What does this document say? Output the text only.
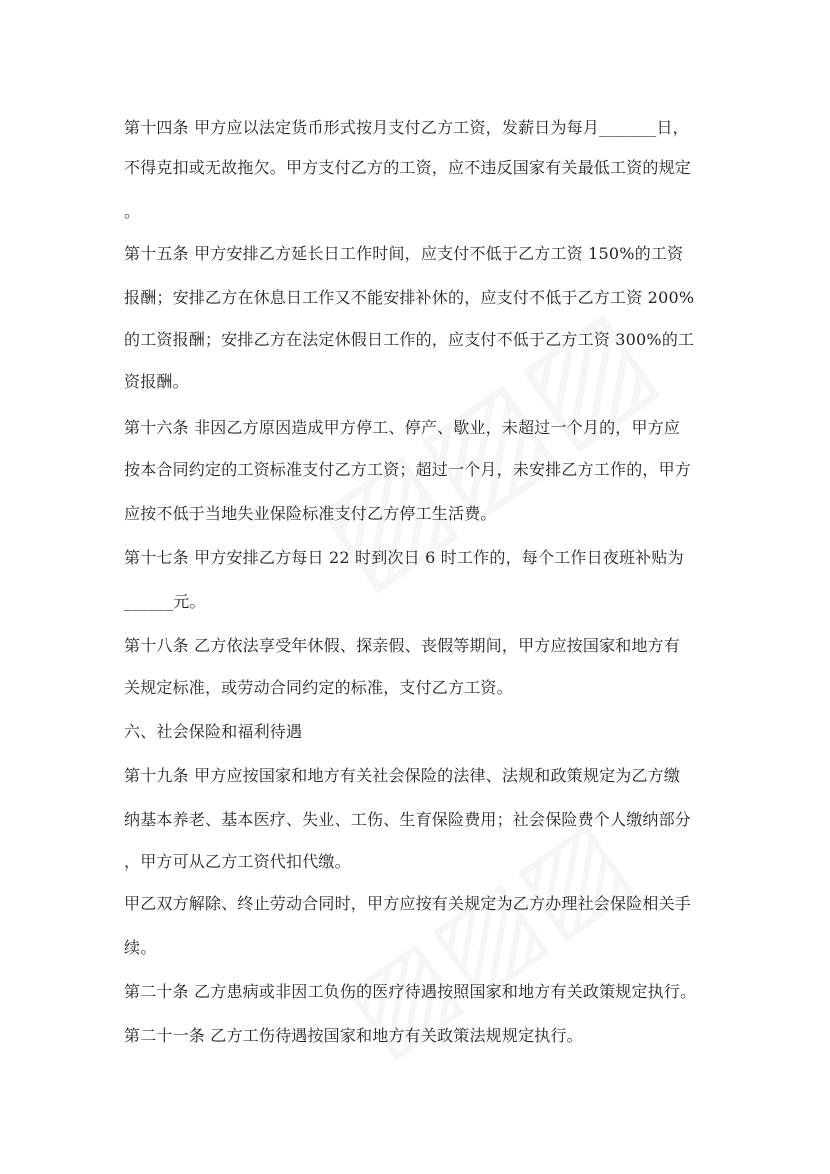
第十四条 甲方应以法定货币形式按月支付乙方工资，发薪日为每月_______日，
不得克扣或无故拖欠。甲方支付乙方的工资，应不违反国家有关最低工资的规定
。
第十五条 甲方安排乙方延长日工作时间，应支付不低于乙方工资 150%的工资
报酬；安排乙方在休息日工作又不能安排补休的，应支付不低于乙方工资 200%
的工资报酬；安排乙方在法定休假日工作的，应支付不低于乙方工资 300%的工
资报酬。
第十六条 非因乙方原因造成甲方停工、停产、歇业，未超过一个月的，甲方应
按本合同约定的工资标准支付乙方工资；超过一个月，未安排乙方工作的，甲方
应按不低于当地失业保险标准支付乙方停工生活费。
第十七条 甲方安排乙方每日 22 时到次日 6 时工作的，每个工作日夜班补贴为
______元。
第十八条 乙方依法享受年休假、探亲假、丧假等期间，甲方应按国家和地方有
关规定标准，或劳动合同约定的标准，支付乙方工资。
六、社会保险和福利待遇
第十九条 甲方应按国家和地方有关社会保险的法律、法规和政策规定为乙方缴
纳基本养老、基本医疗、失业、工伤、生育保险费用；社会保险费个人缴纳部分
，甲方可从乙方工资代扣代缴。
甲乙双方解除、终止劳动合同时，甲方应按有关规定为乙方办理社会保险相关手
续。
第二十条 乙方患病或非因工负伤的医疗待遇按照国家和地方有关政策规定执行。
第二十一条 乙方工伤待遇按国家和地方有关政策法规规定执行。
